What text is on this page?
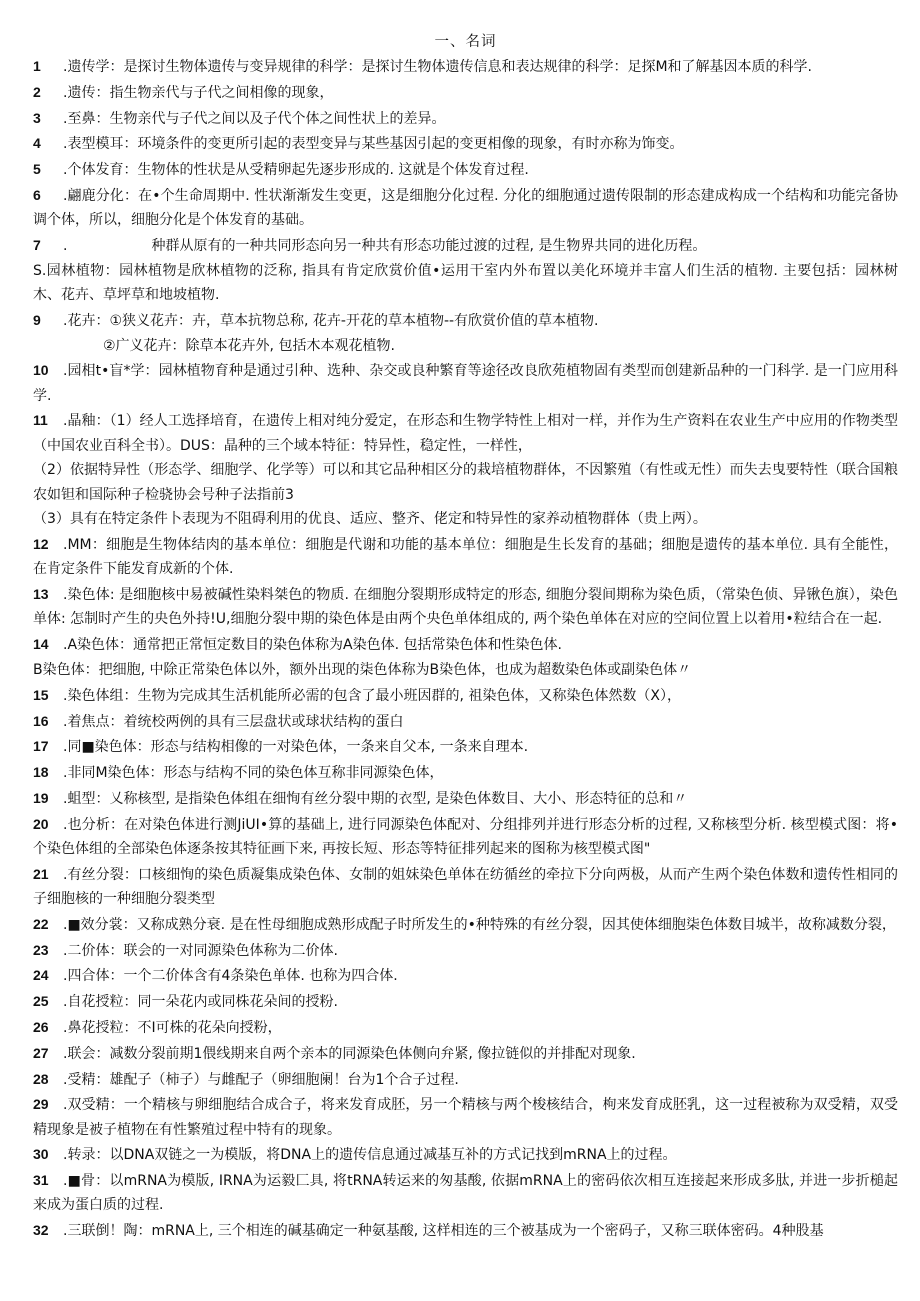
一、名词
1 .遗传学：是探讨生物体遗传与变异规律的科学：是探讨生物体遗传信息和表达规律的科学：足探M和了解基因本质的科学.
2 .遗传：指生物亲代与子代之间相像的现象，
3 .至鼻：生物亲代与子代之间以及子代个体之间性状上的差异。
4 .表型模耳：环境条件的变更所引起的表型变异与某些基因引起的变更相像的现象，有时亦称为饰变。
5 .个体发育：生物体的性状是从受精卵起先逐步形成的. 这就是个体发育过程.
6 .翩鹿分化：在•个生命周期中. 性状渐渐发生变更，这是细胞分化过程. 分化的细胞通过遗传限制的形态建成构成一个结构和功能完备协调个体，所以，细胞分化是个体发育的基础。
7 .　　　　　　种群从原有的一种共同形态向另一种共有形态功能过渡的过程, 是生物界共同的进化历程。
S.园林植物：园林植物是欣林植物的泛称, 指具有肯定欣赏价值•运用干室内外布置以美化环境并丰富人们生活的植物. 主要包括：园林树木、花卉、草坪草和地坡植物.
9 .花卉：①狭义花卉：卉，草本抗物总称, 花卉-开花的草本植物--有欣赏价值的草本植物.
②广义花卉：除草本花卉外, 包括木本观花植物.
10 .园相t•盲*学：园林植物育种是通过引种、选种、杂交或良种繁育等途径改良欣苑植物固有类型而创建新品种的一门科学. 是一门应用科学.
11 .晶釉：（1）经人工选择培育，在遗传上相对纯分爱定，在形态和生物学特性上相对一样，并作为生产资料在农业生产中应用的作物类型（中国农业百科全书）。DUS：晶种的三个域本特征：特异性，稳定性，一样性，
（2）依据特异性（形态学、细胞学、化学等）可以和其它品种相区分的栽培植物群体，不因繁殖（有性或无性）而失去曳要特性（联合国粮农如钽和国际种子检骁协会号种子法指前3
（3）具有在特定条件卜表现为不阻碍利用的优良、适应、整齐、佬定和特异性的家养动植物群体（贵上两）。
12 .MM：细胞是生物体结肉的基本单位：细胞是代谢和功能的基本单位：细胞是生长发育的基础；细胞是遗传的基本单位. 具有全能性，在肯定条件下能发育成新的个体.
13 .染色体: 是细胞核中易被碱性染料桀色的物质. 在细胞分裂期形成特定的形态, 细胞分裂间期称为染色质，（常染色侦、异锹色旗），染色单体: 怎制时产生的央色外持!U,细胞分裂中期的染色体是由两个央色单体组成的, 两个染色单体在对应的空间位置上以着用•粒结合在一起.
14 .A染色体：通常把正常恒定数目的染色体称为A染色体. 包括常染色体和性染色体.
B染色体：把细胞, 中除正常染色体以外，额外出现的柒色体称为B染色体，也成为超数染色体或副染色体〃
15 .染色体组：生物为完成其生活机能所必需的包含了最小班因群的, 祖染色体，又称染色体然数（X），
16 .着焦点：着统校两例的具有三层盘状或球状结构的蛋白
17 .同■染色体：形态与结构相像的一对染色体，一条来自父本, 一条来自理本.
18 .非同M染色体：形态与结构不同的染色体互称非同源染色体，
19 .蛆型：乂称核型, 是指染色体组在细恂有丝分裂中期的衣型, 是染色体数目、大小、形态特征的总和〃
20 .也分析：在对染色体进行测JiUI•算的基础上, 进行同源染色体配对、分组排列并进行形态分析的过程, 又称核型分析. 核型模式图：将•个染色体组的全部染色体逐条按其特征画下来, 再按长短、形态等特征排列起来的图称为核型模式图"
21 .有丝分裂：口核细恂的染色质凝集成染色体、女制的姐妹染色单体在纺循丝的牵拉下分向两极，从而产生两个染色体数和遗传性相同的子细胞核的一种细胞分裂类型
22 .■效分裳：又称成熟分衰. 是在性母细胞成熟形成配子时所发生的•种特殊的有丝分裂，因其使体细胞柒色体数目城半，故称减数分裂，
23 .二价体：联会的一对同源染色体称为二价体.
24 .四合体：一个二价体含有4条染色单体. 也称为四合体.
25 .自花授粒：同一朵花内或同株花朵间的授粉.
26 .鼻花授粒：不I可株的花朵向授粉，
27 .联会：减数分裂前期1偎线期来自两个亲本的同源染色体侧向弁紧, 像拉链似的并排配对现象.
28 .受精：雄配子（柿子）与雌配子（卵细胞阑！台为1个合子过程.
29 .双受精：一个精核与卵细胞结合成合子，将来发育成胚，另一个精核与两个梭核结合，枸来发育成胚乳，这一过程被称为双受精，双受精现象是被子植物在有性繁殖过程中特有的现象。
30 .转录：以DNA双链之一为模版，将DNA上的遗传信息通过减基互补的方式记找到mRNA上的过程。
31 .■骨：以mRNA为模版, IRNA为运毅匚具, 将tRNA转运来的匆基酸, 依据mRNA上的密码依次相互连接起来形成多肽, 并进一步折槌起来成为蛋白质的过程.
32 .三联倒！陶：mRNA上, 三个相连的碱基确定一种氨基酸, 这样相连的三个被基成为一个密码子，又称三联体密码。4种股基
